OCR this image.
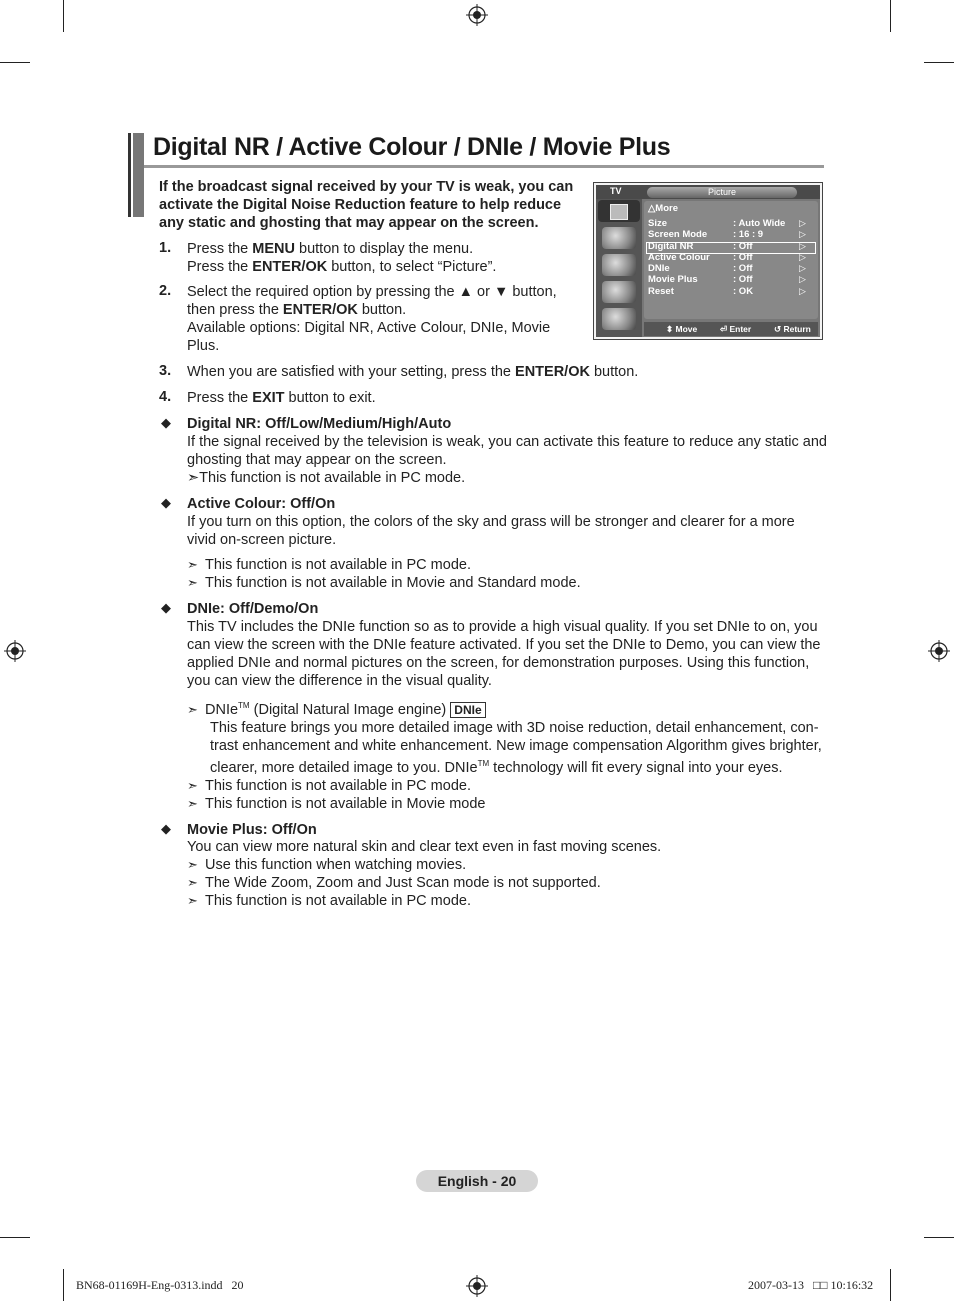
Digital NR / Active Colour / DNIe / Movie Plus
If the broadcast signal received by your TV is weak, you can
activate the Digital Noise Reduction feature to help reduce
any static and ghosting that may appear on the screen.
1. Press the MENU button to display the menu.
Press the ENTER/OK button, to select “Picture”.
2. Select the required option by pressing the ▲ or ▼ button,
then press the ENTER/OK button.
Available options: Digital NR, Active Colour, DNIe, Movie
Plus.
3. When you are satisfied with your setting, press the ENTER/OK button.
4. Press the EXIT button to exit.
TV	Picture
△More
Size	: Auto Wide ▷
Screen Mode	: 16 : 9	▷
Digital NR	: Off	▷
Active Colour : Off	▷
DNIe	: Off	▷
Movie Plus	: Off	▷
Reset	: OK	▷
⬍ Move	⏎ Enter	↺ Return
◆ Digital NR: Off/Low/Medium/High/Auto
If the signal received by the television is weak, you can activate this feature to reduce any static and
ghosting that may appear on the screen.
➣This function is not available in PC mode.
◆ Active Colour: Off/On
If you turn on this option, the colors of the sky and grass will be stronger and clearer for a more
vivid on-screen picture.
➣ This function is not available in PC mode.
➣ This function is not available in Movie and Standard mode.
◆ DNIe: Off/Demo/On
This TV includes the DNIe function so as to provide a high visual quality. If you set DNIe to on, you
can view the screen with the DNIe feature activated. If you set the DNIe to Demo, you can view the
applied DNIe and normal pictures on the screen, for demonstration purposes. Using this function,
you can view the difference in the visual quality.
➣ DNIe™ (Digital Natural Image engine) DNIe
This feature brings you more detailed image with 3D noise reduction, detail enhancement, con-
trast enhancement and white enhancement. New image compensation Algorithm gives brighter,
clearer, more detailed image to you. DNIe™ technology will fit every signal into your eyes.
➣ This function is not available in PC mode.
➣ This function is not available in Movie mode
◆ Movie Plus: Off/On
You can view more natural skin and clear text even in fast moving scenes.
➣ Use this function when watching movies.
➣ The Wide Zoom, Zoom and Just Scan mode is not supported.
➣ This function is not available in PC mode.
English - 20
BN68-01169H-Eng-0313.indd   20	2007-03-13   □□ 10:16:32
